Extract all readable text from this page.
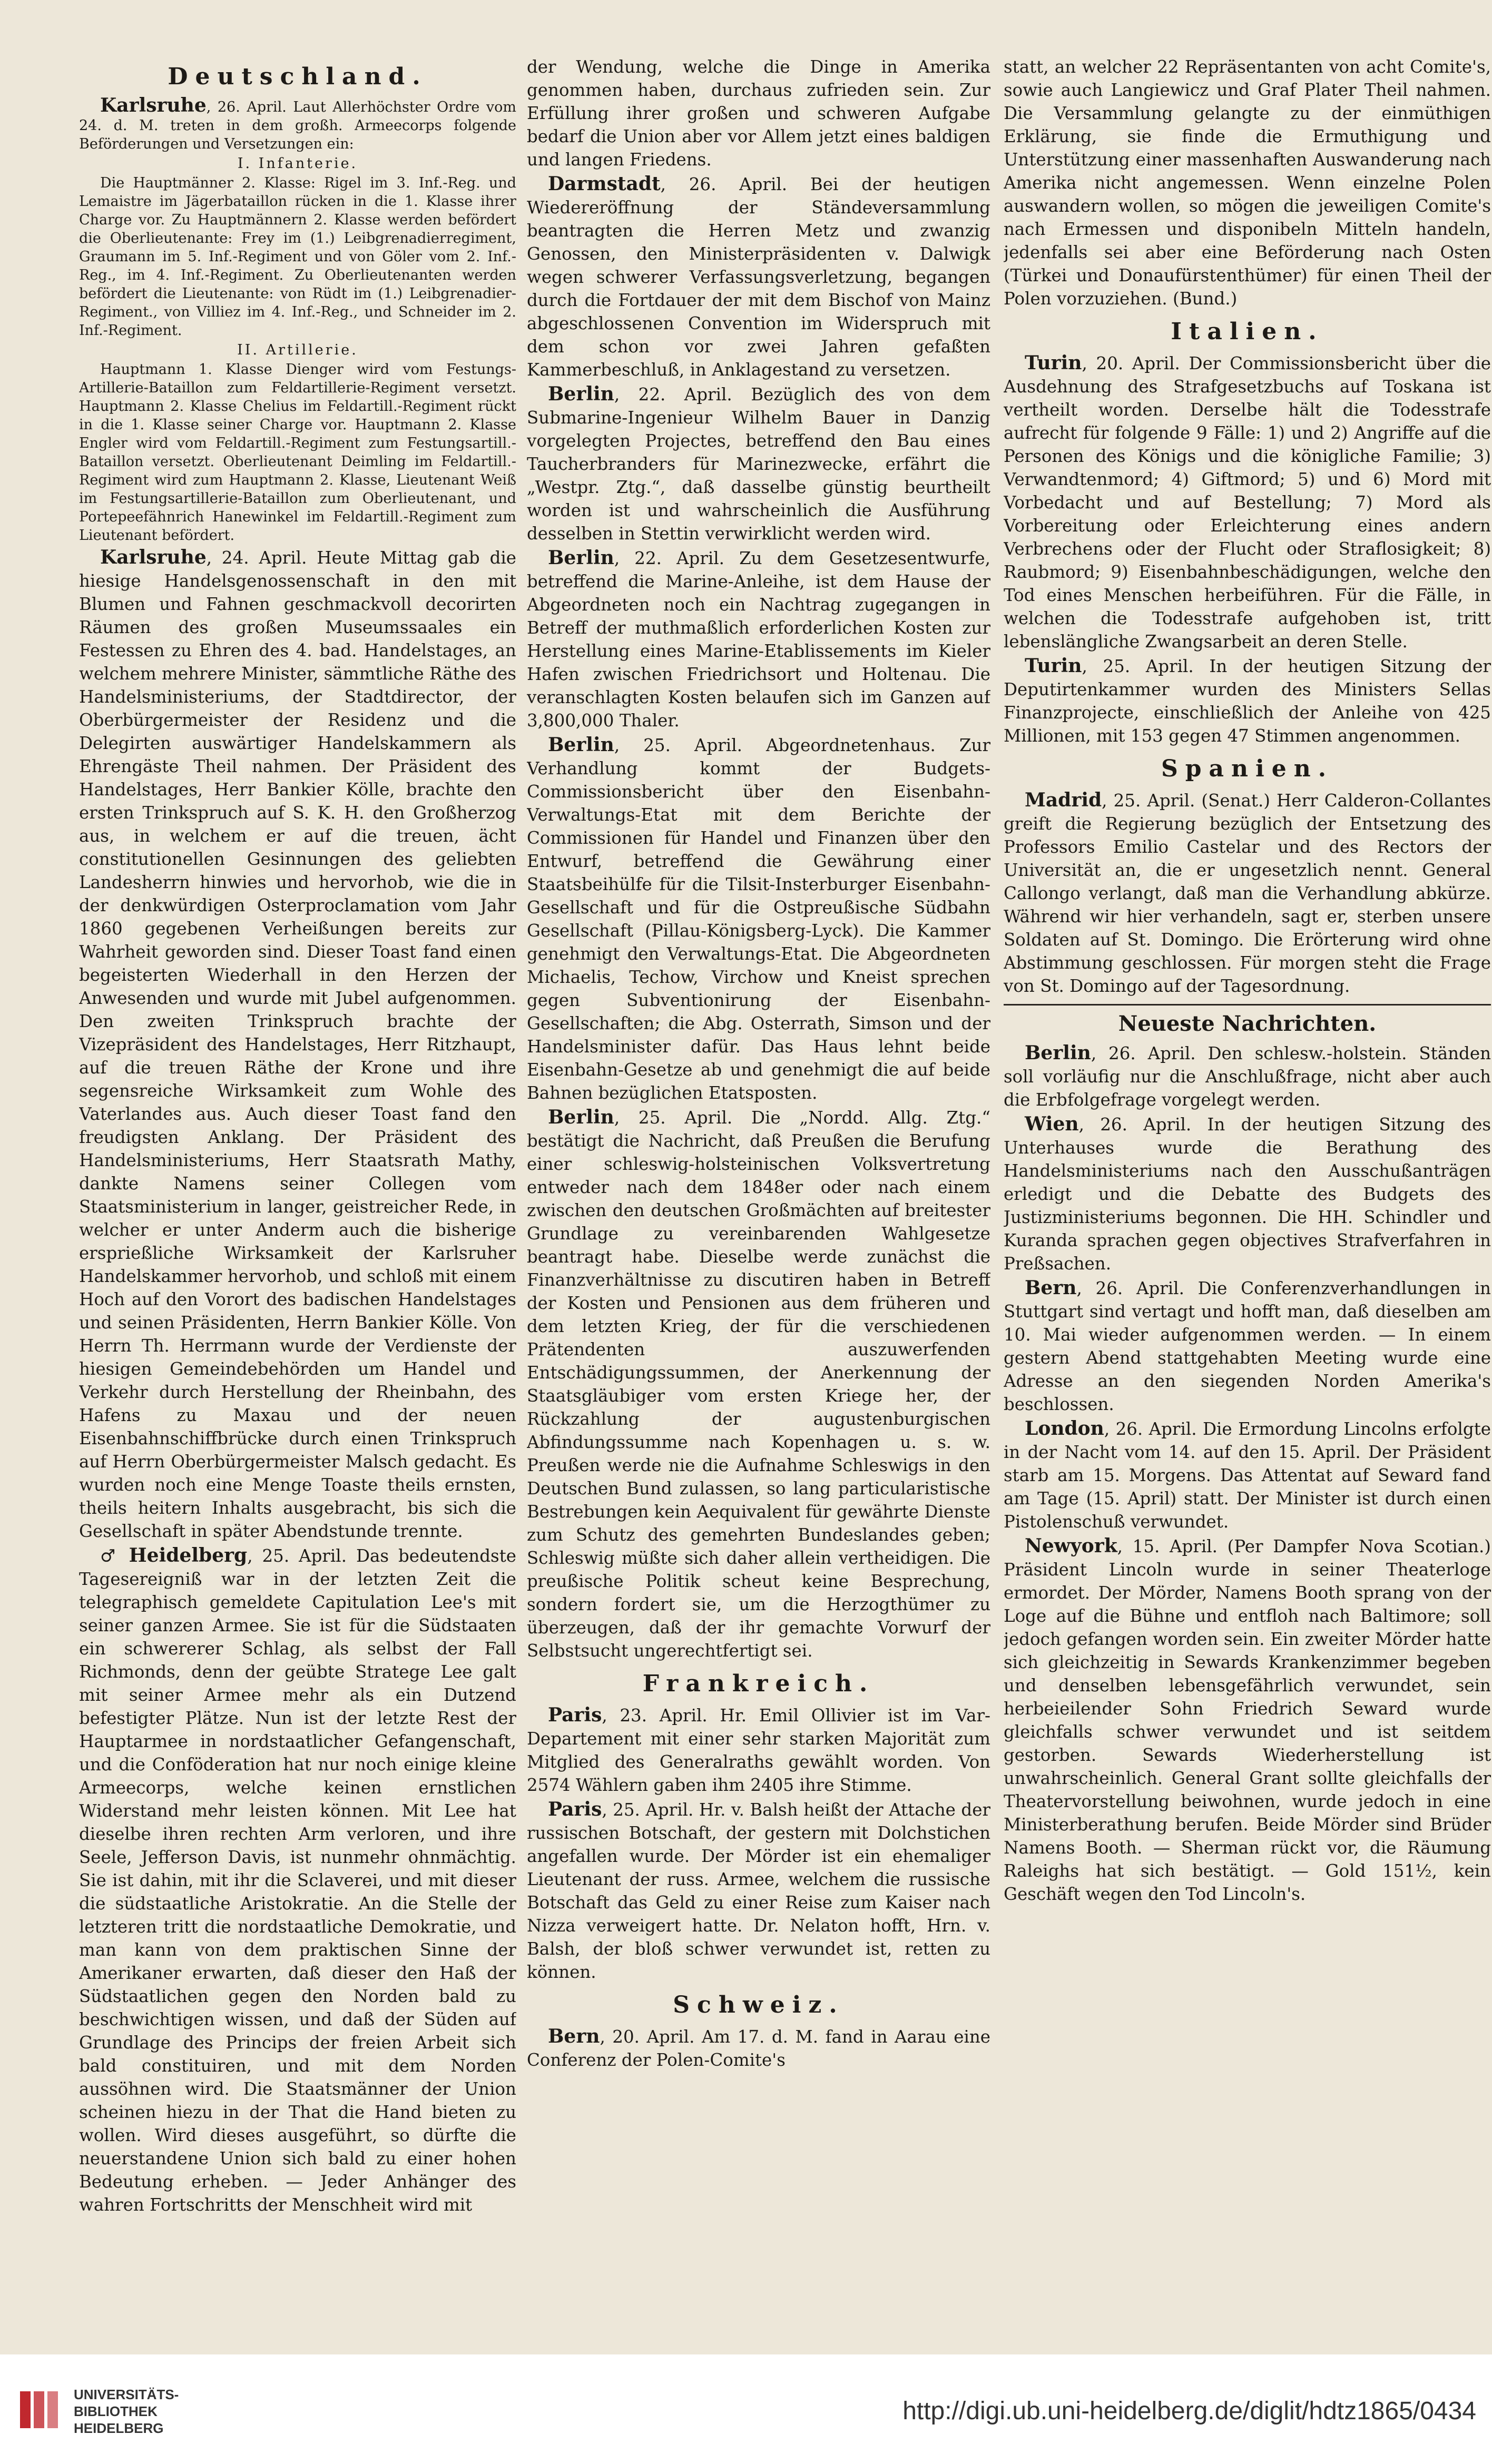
Deutschland.
Karlsruhe, 26. April. Laut Allerhöchster Ordre vom 24. d. M. treten in dem großh. Armeecorps folgende Beförderungen und Versetzungen ein:
I. Infanterie.
Die Hauptmänner 2. Klasse: Rigel im 3. Inf.-Reg. und Lemaistre im Jägerbataillon rücken in die 1. Klasse ihrer Charge vor. Zu Hauptmännern 2. Klasse werden befördert die Oberlieutenante: Frey im (1.) Leibgrenadierregiment, Graumann im 5. Inf.-Regiment und von Göler vom 2. Inf.-Reg., im 4. Inf.-Regiment. Zu Oberlieutenanten werden befördert die Lieutenante: von Rüdt im (1.) Leibgrenadier-Regiment., von Villiez im 4. Inf.-Reg., und Schneider im 2. Inf.-Regiment.
II. Artillerie.
Hauptmann 1. Klasse Dienger wird vom Festungs-Artillerie-Bataillon zum Feldartillerie-Regiment versetzt. Hauptmann 2. Klasse Chelius im Feldartill.-Regiment rückt in die 1. Klasse seiner Charge vor. Hauptmann 2. Klasse Engler wird vom Feldartill.-Regiment zum Festungsartill.-Bataillon versetzt. Oberlieutenant Deimling im Feldartill.-Regiment wird zum Hauptmann 2. Klasse, Lieutenant Weiß im Festungsartillerie-Bataillon zum Oberlieutenant, und Portepeefähnrich Hanewinkel im Feldartill.-Regiment zum Lieutenant befördert.
Karlsruhe, 24. April. Heute Mittag gab die hiesige Handelsgenossenschaft in den mit Blumen und Fahnen geschmackvoll decorirten Räumen des großen Museumssaales ein Festessen zu Ehren des 4. bad. Handelstages, an welchem mehrere Minister, sämmtliche Räthe des Handelsministeriums, der Stadtdirector, der Oberbürgermeister der Residenz und die Delegirten auswärtiger Handelskammern als Ehrengäste Theil nahmen. Der Präsident des Handelstages, Herr Bankier Kölle, brachte den ersten Trinkspruch auf S. K. H. den Großherzog aus, in welchem er auf die treuen, ächt constitutionellen Gesinnungen des geliebten Landesherrn hinwies und hervorhob, wie die in der denkwürdigen Osterproclamation vom Jahr 1860 gegebenen Verheißungen bereits zur Wahrheit geworden sind. Dieser Toast fand einen begeisterten Wiederhall in den Herzen der Anwesenden und wurde mit Jubel aufgenommen. Den zweiten Trinkspruch brachte der Vizepräsident des Handelstages, Herr Ritzhaupt, auf die treuen Räthe der Krone und ihre segensreiche Wirksamkeit zum Wohle des Vaterlandes aus. Auch dieser Toast fand den freudigsten Anklang. Der Präsident des Handelsministeriums, Herr Staatsrath Mathy, dankte Namens seiner Collegen vom Staatsministerium in langer, geistreicher Rede, in welcher er unter Anderm auch die bisherige ersprießliche Wirksamkeit der Karlsruher Handelskammer hervorhob, und schloß mit einem Hoch auf den Vorort des badischen Handelstages und seinen Präsidenten, Herrn Bankier Kölle. Von Herrn Th. Herrmann wurde der Verdienste der hiesigen Gemeindebehörden um Handel und Verkehr durch Herstellung der Rheinbahn, des Hafens zu Maxau und der neuen Eisenbahnschiffbrücke durch einen Trinkspruch auf Herrn Oberbürgermeister Malsch gedacht. Es wurden noch eine Menge Toaste theils ernsten, theils heitern Inhalts ausgebracht, bis sich die Gesellschaft in später Abendstunde trennte.
♂ Heidelberg, 25. April. Das bedeutendste Tagesereigniß war in der letzten Zeit die telegraphisch gemeldete Capitulation Lee's mit seiner ganzen Armee. Sie ist für die Südstaaten ein schwererer Schlag, als selbst der Fall Richmonds, denn der geübte Stratege Lee galt mit seiner Armee mehr als ein Dutzend befestigter Plätze. Nun ist der letzte Rest der Hauptarmee in nordstaatlicher Gefangenschaft, und die Conföderation hat nur noch einige kleine Armeecorps, welche keinen ernstlichen Widerstand mehr leisten können. Mit Lee hat dieselbe ihren rechten Arm verloren, und ihre Seele, Jefferson Davis, ist nunmehr ohnmächtig. Sie ist dahin, mit ihr die Sclaverei, und mit dieser die südstaatliche Aristokratie. An die Stelle der letzteren tritt die nordstaatliche Demokratie, und man kann von dem praktischen Sinne der Amerikaner erwarten, daß dieser den Haß der Südstaatlichen gegen den Norden bald zu beschwichtigen wissen, und daß der Süden auf Grundlage des Princips der freien Arbeit sich bald constituiren, und mit dem Norden aussöhnen wird. Die Staatsmänner der Union scheinen hiezu in der That die Hand bieten zu wollen. Wird dieses ausgeführt, so dürfte die neuerstandene Union sich bald zu einer hohen Bedeutung erheben. — Jeder Anhänger des wahren Fortschritts der Menschheit wird mit
der Wendung, welche die Dinge in Amerika genommen haben, durchaus zufrieden sein. Zur Erfüllung ihrer großen und schweren Aufgabe bedarf die Union aber vor Allem jetzt eines baldigen und langen Friedens.
Darmstadt, 26. April. Bei der heutigen Wiedereröffnung der Ständeversammlung beantragten die Herren Metz und zwanzig Genossen, den Ministerpräsidenten v. Dalwigk wegen schwerer Verfassungsverletzung, begangen durch die Fortdauer der mit dem Bischof von Mainz abgeschlossenen Convention im Widerspruch mit dem schon vor zwei Jahren gefaßten Kammerbeschluß, in Anklagestand zu versetzen.
Berlin, 22. April. Bezüglich des von dem Submarine-Ingenieur Wilhelm Bauer in Danzig vorgelegten Projectes, betreffend den Bau eines Taucherbranders für Marinezwecke, erfährt die „Westpr. Ztg.“, daß dasselbe günstig beurtheilt worden ist und wahrscheinlich die Ausführung desselben in Stettin verwirklicht werden wird.
Berlin, 22. April. Zu dem Gesetzesentwurfe, betreffend die Marine-Anleihe, ist dem Hause der Abgeordneten noch ein Nachtrag zugegangen in Betreff der muthmaßlich erforderlichen Kosten zur Herstellung eines Marine-Etablissements im Kieler Hafen zwischen Friedrichsort und Holtenau. Die veranschlagten Kosten belaufen sich im Ganzen auf 3,800,000 Thaler.
Berlin, 25. April. Abgeordnetenhaus. Zur Verhandlung kommt der Budgets-Commissionsbericht über den Eisenbahn-Verwaltungs-Etat mit dem Berichte der Commissionen für Handel und Finanzen über den Entwurf, betreffend die Gewährung einer Staatsbeihülfe für die Tilsit-Insterburger Eisenbahn-Gesellschaft und für die Ostpreußische Südbahn Gesellschaft (Pillau-Königsberg-Lyck). Die Kammer genehmigt den Verwaltungs-Etat. Die Abgeordneten Michaelis, Techow, Virchow und Kneist sprechen gegen Subventionirung der Eisenbahn-Gesellschaften; die Abg. Osterrath, Simson und der Handelsminister dafür. Das Haus lehnt beide Eisenbahn-Gesetze ab und genehmigt die auf beide Bahnen bezüglichen Etatsposten.
Berlin, 25. April. Die „Nordd. Allg. Ztg.“ bestätigt die Nachricht, daß Preußen die Berufung einer schleswig-holsteinischen Volksvertretung entweder nach dem 1848er oder nach einem zwischen den deutschen Großmächten auf breitester Grundlage zu vereinbarenden Wahlgesetze beantragt habe. Dieselbe werde zunächst die Finanzverhältnisse zu discutiren haben in Betreff der Kosten und Pensionen aus dem früheren und dem letzten Krieg, der für die verschiedenen Prätendenten auszuwerfenden Entschädigungssummen, der Anerkennung der Staatsgläubiger vom ersten Kriege her, der Rückzahlung der augustenburgischen Abfindungssumme nach Kopenhagen u. s. w. Preußen werde nie die Aufnahme Schleswigs in den Deutschen Bund zulassen, so lang particularistische Bestrebungen kein Aequivalent für gewährte Dienste zum Schutz des gemehrten Bundeslandes geben; Schleswig müßte sich daher allein vertheidigen. Die preußische Politik scheut keine Besprechung, sondern fordert sie, um die Herzogthümer zu überzeugen, daß der ihr gemachte Vorwurf der Selbstsucht ungerechtfertigt sei.
Frankreich.
Paris, 23. April. Hr. Emil Ollivier ist im Var-Departement mit einer sehr starken Majorität zum Mitglied des Generalraths gewählt worden. Von 2574 Wählern gaben ihm 2405 ihre Stimme.
Paris, 25. April. Hr. v. Balsh heißt der Attache der russischen Botschaft, der gestern mit Dolchstichen angefallen wurde. Der Mörder ist ein ehemaliger Lieutenant der russ. Armee, welchem die russische Botschaft das Geld zu einer Reise zum Kaiser nach Nizza verweigert hatte. Dr. Nelaton hofft, Hrn. v. Balsh, der bloß schwer verwundet ist, retten zu können.
Schweiz.
Bern, 20. April. Am 17. d. M. fand in Aarau eine Conferenz der Polen-Comite's
statt, an welcher 22 Repräsentanten von acht Comite's, sowie auch Langiewicz und Graf Plater Theil nahmen. Die Versammlung gelangte zu der einmüthigen Erklärung, sie finde die Ermuthigung und Unterstützung einer massenhaften Auswanderung nach Amerika nicht angemessen. Wenn einzelne Polen auswandern wollen, so mögen die jeweiligen Comite's nach Ermessen und disponibeln Mitteln handeln, jedenfalls sei aber eine Beförderung nach Osten (Türkei und Donaufürstenthümer) für einen Theil der Polen vorzuziehen. (Bund.)
Italien.
Turin, 20. April. Der Commissionsbericht über die Ausdehnung des Strafgesetzbuchs auf Toskana ist vertheilt worden. Derselbe hält die Todesstrafe aufrecht für folgende 9 Fälle: 1) und 2) Angriffe auf die Personen des Königs und die königliche Familie; 3) Verwandtenmord; 4) Giftmord; 5) und 6) Mord mit Vorbedacht und auf Bestellung; 7) Mord als Vorbereitung oder Erleichterung eines andern Verbrechens oder der Flucht oder Straflosigkeit; 8) Raubmord; 9) Eisenbahnbeschädigungen, welche den Tod eines Menschen herbeiführen. Für die Fälle, in welchen die Todesstrafe aufgehoben ist, tritt lebenslängliche Zwangsarbeit an deren Stelle.
Turin, 25. April. In der heutigen Sitzung der Deputirtenkammer wurden des Ministers Sellas Finanzprojecte, einschließlich der Anleihe von 425 Millionen, mit 153 gegen 47 Stimmen angenommen.
Spanien.
Madrid, 25. April. (Senat.) Herr Calderon-Collantes greift die Regierung bezüglich der Entsetzung des Professors Emilio Castelar und des Rectors der Universität an, die er ungesetzlich nennt. General Callongo verlangt, daß man die Verhandlung abkürze. Während wir hier verhandeln, sagt er, sterben unsere Soldaten auf St. Domingo. Die Erörterung wird ohne Abstimmung geschlossen. Für morgen steht die Frage von St. Domingo auf der Tagesordnung.
Neueste Nachrichten.
Berlin, 26. April. Den schlesw.-holstein. Ständen soll vorläufig nur die Anschlußfrage, nicht aber auch die Erbfolgefrage vorgelegt werden.
Wien, 26. April. In der heutigen Sitzung des Unterhauses wurde die Berathung des Handelsministeriums nach den Ausschußanträgen erledigt und die Debatte des Budgets des Justizministeriums begonnen. Die HH. Schindler und Kuranda sprachen gegen objectives Strafverfahren in Preßsachen.
Bern, 26. April. Die Conferenzverhandlungen in Stuttgart sind vertagt und hofft man, daß dieselben am 10. Mai wieder aufgenommen werden. — In einem gestern Abend stattgehabten Meeting wurde eine Adresse an den siegenden Norden Amerika's beschlossen.
London, 26. April. Die Ermordung Lincolns erfolgte in der Nacht vom 14. auf den 15. April. Der Präsident starb am 15. Morgens. Das Attentat auf Seward fand am Tage (15. April) statt. Der Minister ist durch einen Pistolenschuß verwundet.
Newyork, 15. April. (Per Dampfer Nova Scotian.) Präsident Lincoln wurde in seiner Theaterloge ermordet. Der Mörder, Namens Booth sprang von der Loge auf die Bühne und entfloh nach Baltimore; soll jedoch gefangen worden sein. Ein zweiter Mörder hatte sich gleichzeitig in Sewards Krankenzimmer begeben und denselben lebensgefährlich verwundet, sein herbeieilender Sohn Friedrich Seward wurde gleichfalls schwer verwundet und ist seitdem gestorben. Sewards Wiederherstellung ist unwahrscheinlich. General Grant sollte gleichfalls der Theatervorstellung beiwohnen, wurde jedoch in eine Ministerberathung berufen. Beide Mörder sind Brüder Namens Booth. — Sherman rückt vor, die Räumung Raleighs hat sich bestätigt. — Gold 151½, kein Geschäft wegen den Tod Lincoln's.
UNIVERSITÄTS-
BIBLIOTHEK
HEIDELBERG
http://digi.ub.uni-heidelberg.de/diglit/hdtz1865/0434
